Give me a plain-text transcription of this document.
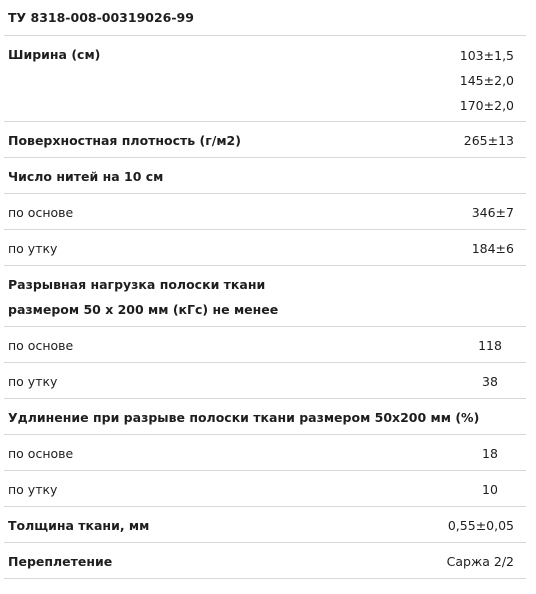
ТУ 8318-008-00319026-99
Ширина (см)	103±1,5
145±2,0
170±2,0
Поверхностная плотность (г/м2)	265±13
Число нитей на 10 см
по основе	346±7
по утку	184±6
Разрывная нагрузка полоски ткани
размером 50 х 200 мм (кГс) не менее
по основе	118
по утку	38
Удлинение при разрыве полоски ткани размером 50х200 мм (%)
по основе	18
по утку	10
Толщина ткани, мм	0,55±0,05
Переплетение	Саржа 2/2
